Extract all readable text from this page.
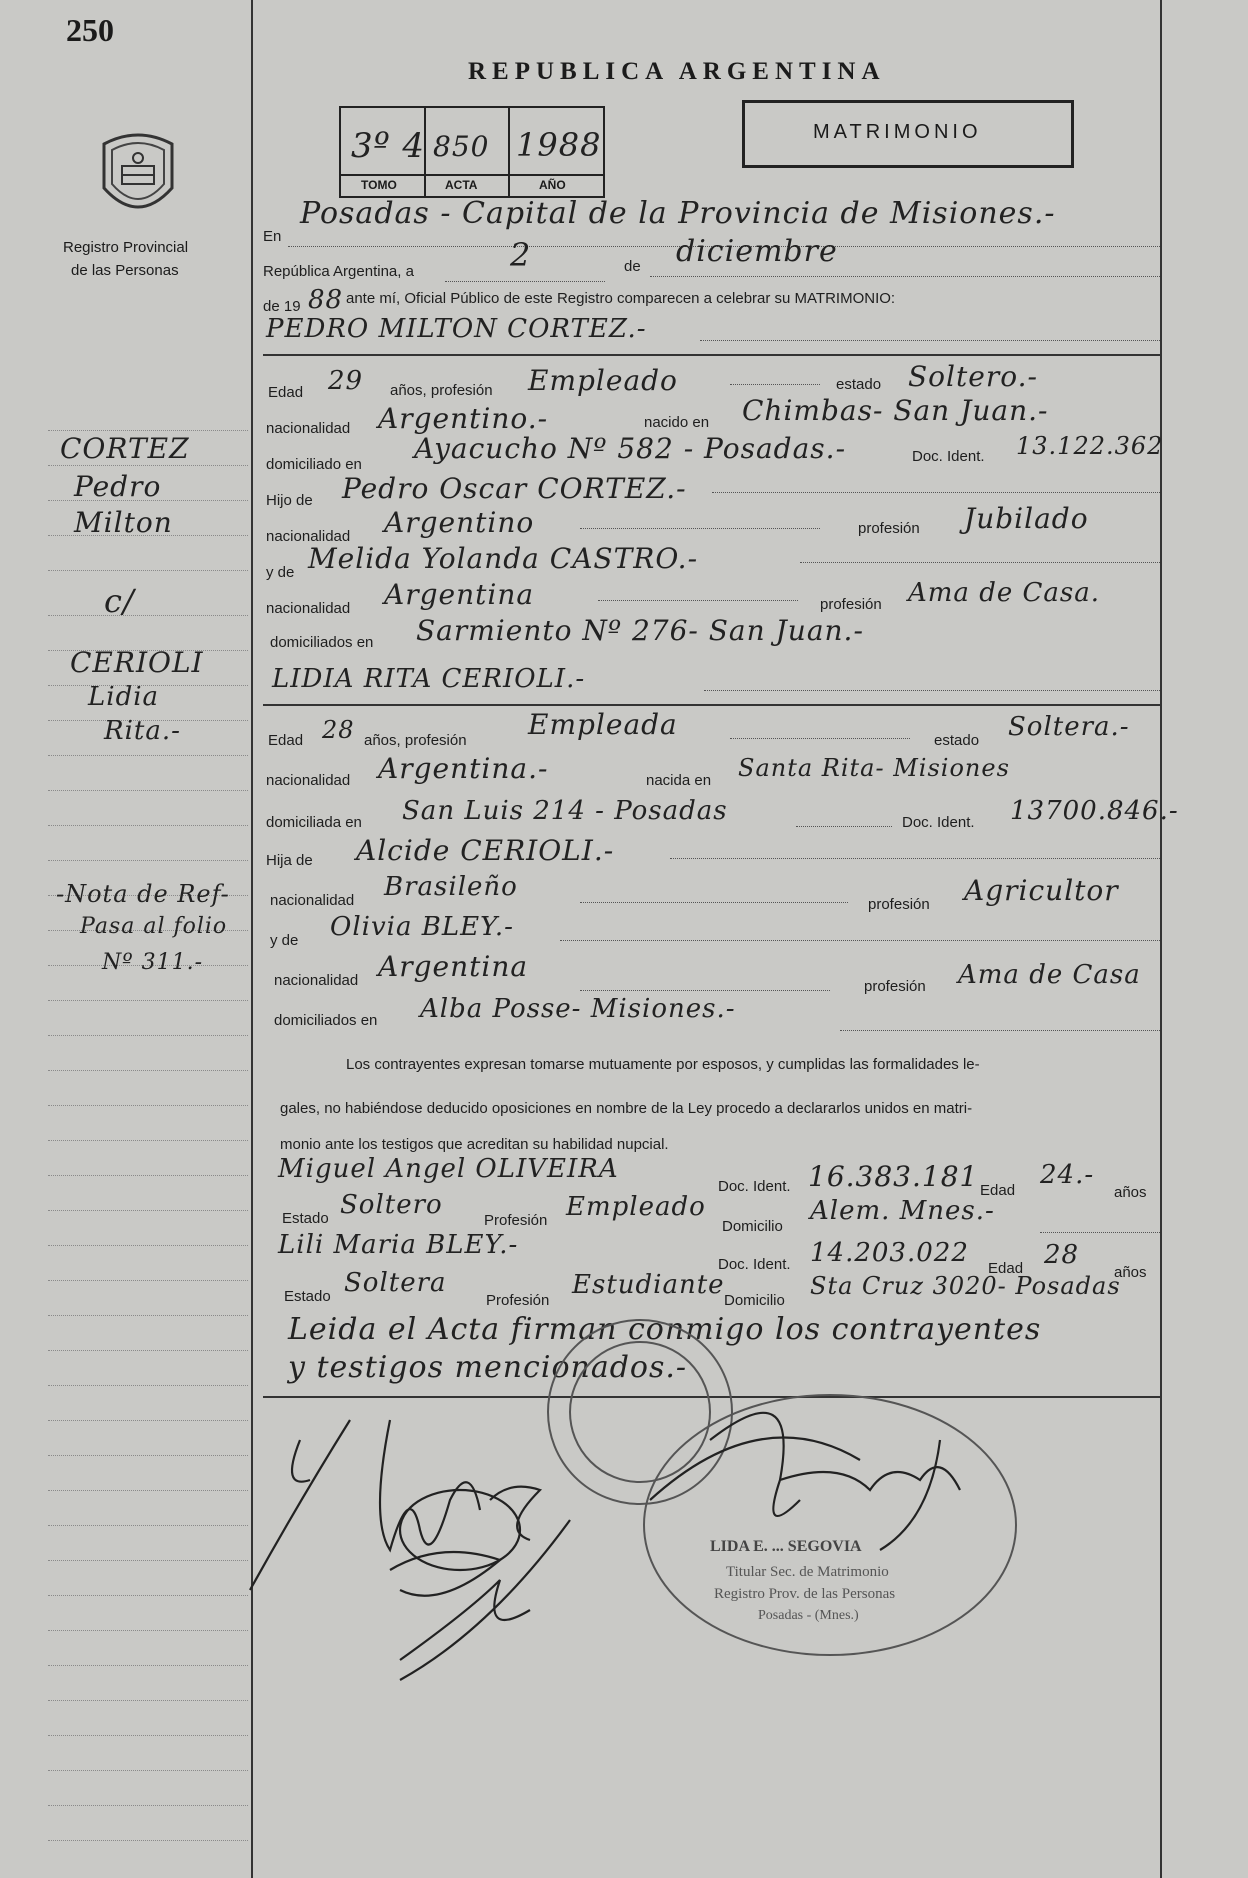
250
Registro Provincial
de las Personas
REPUBLICA ARGENTINA
3º 4 850 1988
TOMO	ACTA	AÑO
MATRIMONIO
En
Posadas - Capital de la Provincia de Misiones.-
República Argentina, a	2	de diciembre
de 19 88 ante mí, Oficial Público de este Registro comparecen a celebrar su MATRIMONIO:
PEDRO MILTON CORTEZ.-
Edad 29 años, profesión Empleado	estado Soltero.-
nacionalidad Argentino.-	nacido en Chimbas- San Juan.-
domiciliado en Ayacucho Nº 582 - Posadas.-	Doc. Ident. 13.122.362
Hijo de Pedro Oscar CORTEZ.-
nacionalidad Argentino	profesión Jubilado
y de Melida Yolanda CASTRO.-
nacionalidad Argentina	profesión Ama de Casa.
domiciliados en Sarmiento Nº 276- San Juan.-
LIDIA RITA CERIOLI.-
Edad 28 años, profesión Empleada	estado Soltera.-
nacionalidad Argentina.-	nacida en Santa Rita- Misiones
domiciliada en San Luis 214 - Posadas	Doc. Ident. 13700.846.-
Hija de Alcide CERIOLI.-
nacionalidad Brasileño
profesión Agricultor
y de Olivia BLEY.-
nacionalidad Argentina
profesión Ama de Casa
domiciliados en Alba Posse- Misiones.-
Los contrayentes expresan tomarse mutuamente por esposos, y cumplidas las formalidades le-
gales, no habiéndose deducido oposiciones en nombre de la Ley procedo a declararlos unidos en matri-
monio ante los testigos que acreditan su habilidad nupcial.
Miguel Angel OLIVEIRA
Doc. Ident. 16.383.181 Edad
24.-
años
Estado Soltero
Profesión Empleado
Domicilio
Alem. Mnes.-
Lili Maria BLEY.-
Doc. Ident. 14.203.022
Edad 28
años
Estado Soltera
Profesión
Estudiante
Domicilio
Sta Cruz 3020- Posadas
Leida el Acta firman conmigo los contrayentes
y testigos mencionados.-
CORTEZ
Pedro
Milton
c/
CERIOLI
Lidia
Rita.-
-Nota de Ref-
Pasa al folio
Nº 311.-
LIDA E. ... SEGOVIA
Titular Sec. de Matrimonio
Registro Prov. de las Personas
Posadas - (Mnes.)
